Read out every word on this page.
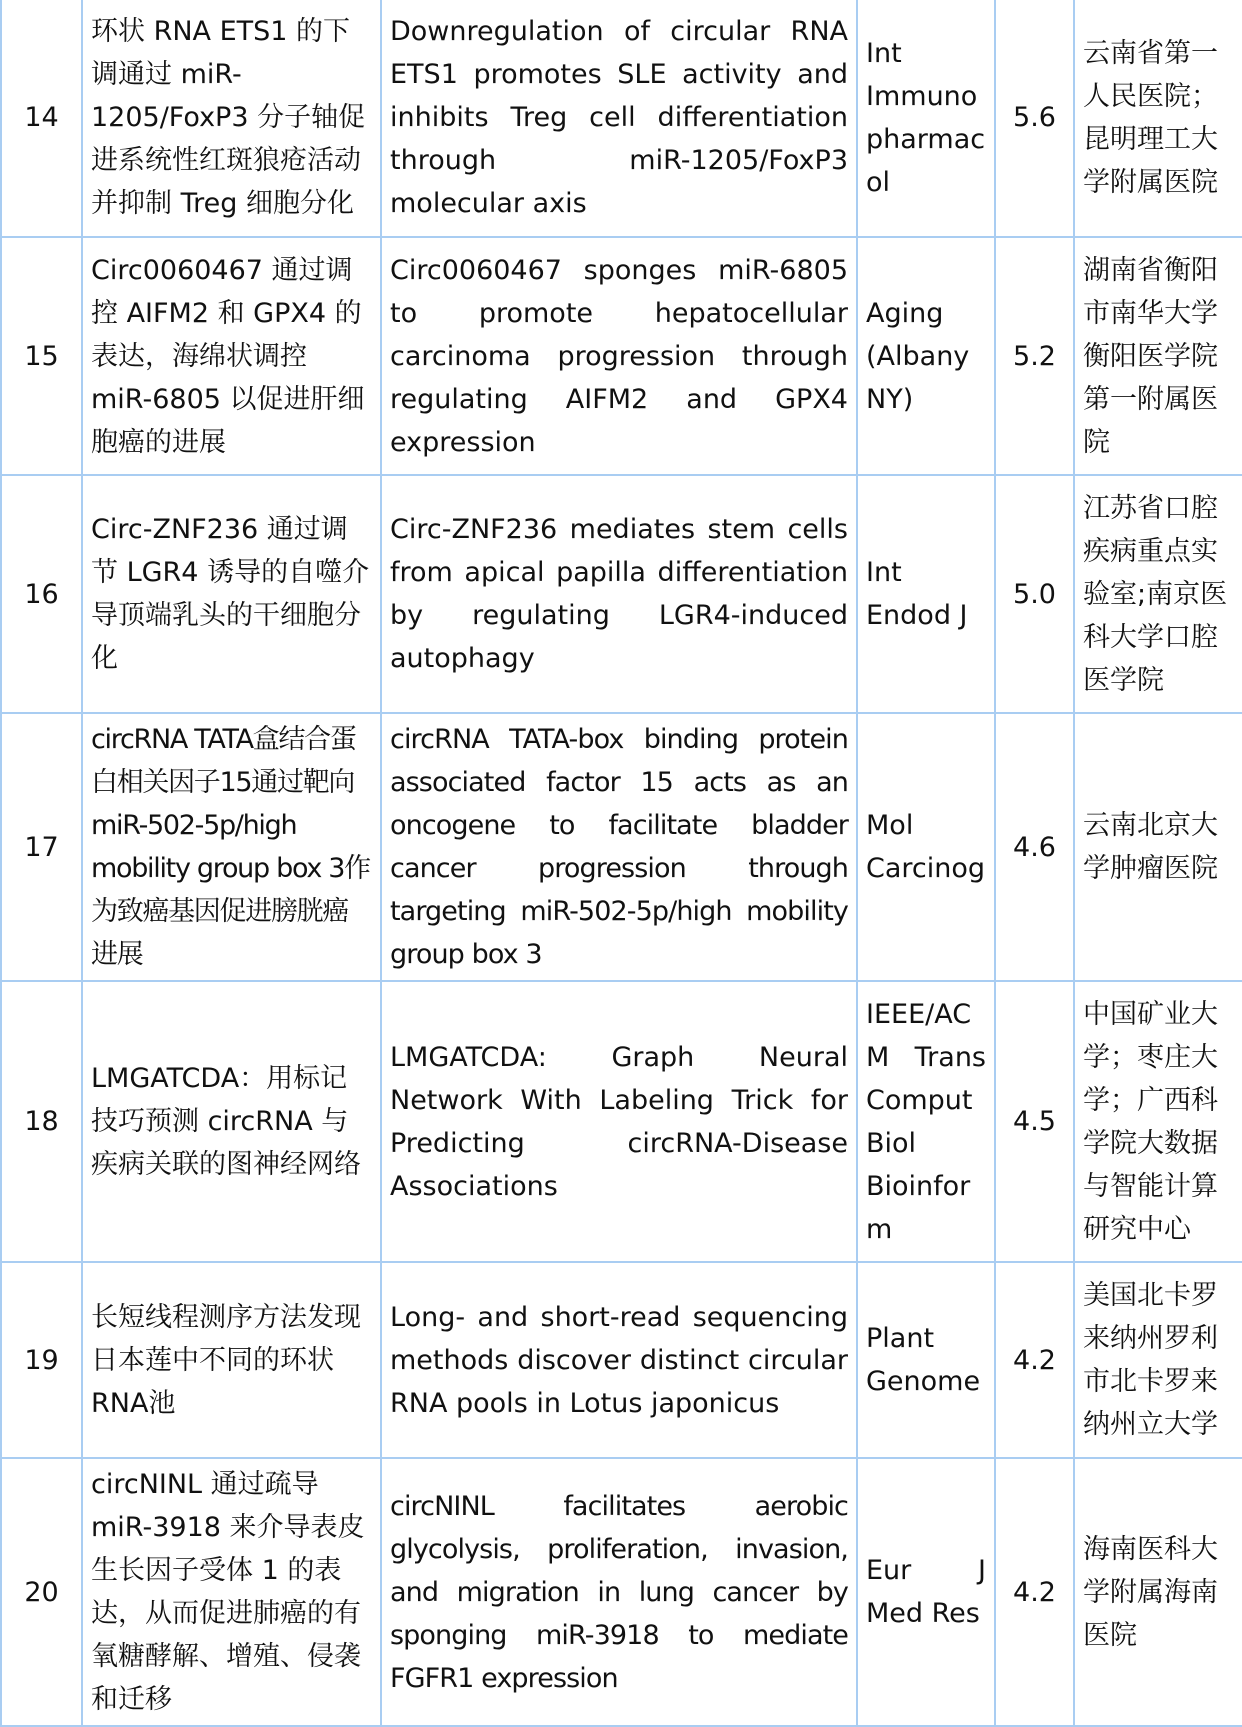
14	环状 RNA ETS1 的下调通过 miR-1205/FoxP3 分子轴促进系统性红斑狼疮活动并抑制 Treg 细胞分化	Downregulation of circular RNA ETS1 promotes SLE activity and inhibits Treg cell differentiation through miR-1205/FoxP3 molecular axis	Int Immunopharmacol	5.6	云南省第一人民医院；昆明理工大学附属医院
15	Circ0060467 通过调控 AIFM2 和 GPX4 的表达，海绵状调控 miR-6805 以促进肝细胞癌的进展	Circ0060467 sponges miR-6805 to promote hepatocellular carcinoma progression through regulating AIFM2 and GPX4 expression	Aging (Albany NY)	5.2	湖南省衡阳市南华大学衡阳医学院第一附属医院
16	Circ-ZNF236 通过调节 LGR4 诱导的自噬介导顶端乳头的干细胞分化	Circ-ZNF236 mediates stem cells from apical papilla differentiation by regulating LGR4-induced autophagy	Int Endod J	5.0	江苏省口腔疾病重点实验室;南京医科大学口腔医学院
17	circRNA TATA盒结合蛋白相关因子15通过靶向miR-502-5p/high mobility group box 3作为致癌基因促进膀胱癌进展	circRNA TATA-box binding protein associated factor 15 acts as an oncogene to facilitate bladder cancer progression through targeting miR-502-5p/high mobility group box 3	Mol Carcinog	4.6	云南北京大学肿瘤医院
18	LMGATCDA：用标记技巧预测 circRNA 与疾病关联的图神经网络	LMGATCDA: Graph Neural Network With Labeling Trick for Predicting circRNA-Disease Associations	IEEE/ACM Trans Comput Biol Bioinform	4.5	中国矿业大学；枣庄大学；广西科学院大数据与智能计算研究中心
19	长短线程测序方法发现日本莲中不同的环状RNA池	Long- and short-read sequencing methods discover distinct circular RNA pools in Lotus japonicus	Plant Genome	4.2	美国北卡罗来纳州罗利市北卡罗来纳州立大学
20	circNINL 通过疏导 miR-3918 来介导表皮生长因子受体 1 的表达，从而促进肺癌的有氧糖酵解、增殖、侵袭和迁移	circNINL facilitates aerobic glycolysis, proliferation, invasion, and migration in lung cancer by sponging miR-3918 to mediate FGFR1 expression	Eur J Med Res	4.2	海南医科大学附属海南医院
